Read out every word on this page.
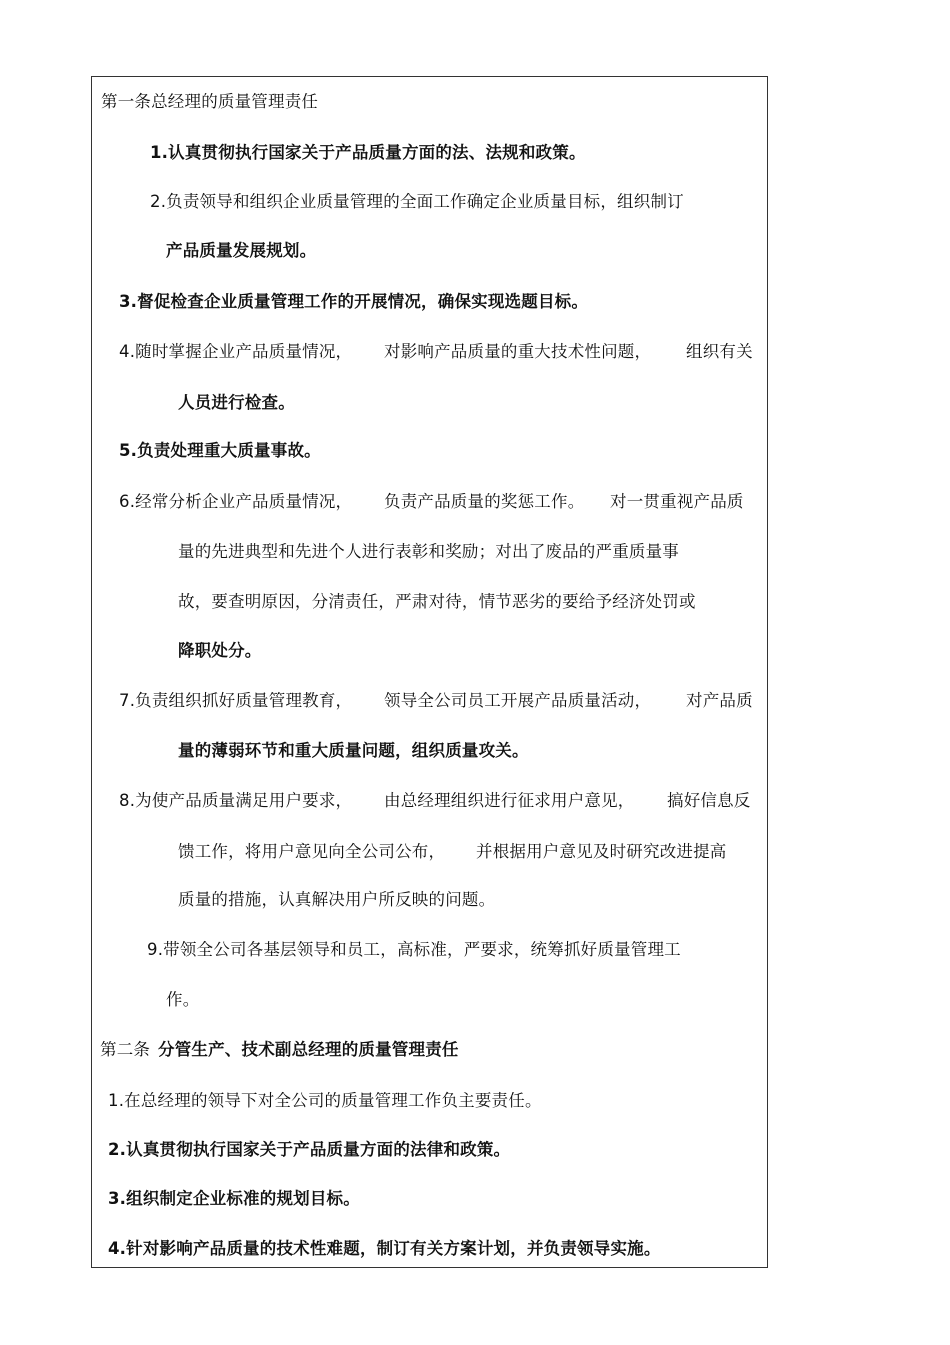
第一条总经理的质量管理责任
1.认真贯彻执行国家关于产品质量方面的法、法规和政策。
2.负责领导和组织企业质量管理的全面工作确定企业质量目标，组织制订
产品质量发展规划。
3.督促检查企业质量管理工作的开展情况，确保实现选题目标。
4.随时掌握企业产品质量情况， 对影响产品质量的重大技术性问题， 组织有关
人员进行检查。
5.负责处理重大质量事故。
6.经常分析企业产品质量情况， 负责产品质量的奖惩工作。 对一贯重视产品质
量的先进典型和先进个人进行表彰和奖励；对出了废品的严重质量事
故，要查明原因，分清责任，严肃对待，情节恶劣的要给予经济处罚或
降职处分。
7.负责组织抓好质量管理教育， 领导全公司员工开展产品质量活动， 对产品质
量的薄弱环节和重大质量问题，组织质量攻关。
8.为使产品质量满足用户要求， 由总经理组织进行征求用户意见， 搞好信息反
馈工作，将用户意见向全公司公布， 并根据用户意见及时研究改进提高
质量的措施，认真解决用户所反映的问题。
9.带领全公司各基层领导和员工，高标准，严要求，统筹抓好质量管理工
作。
第二条 分管生产、技术副总经理的质量管理责任
1.在总经理的领导下对全公司的质量管理工作负主要责任。
2.认真贯彻执行国家关于产品质量方面的法律和政策。
3.组织制定企业标准的规划目标。
4.针对影响产品质量的技术性难题，制订有关方案计划，并负责领导实施。
